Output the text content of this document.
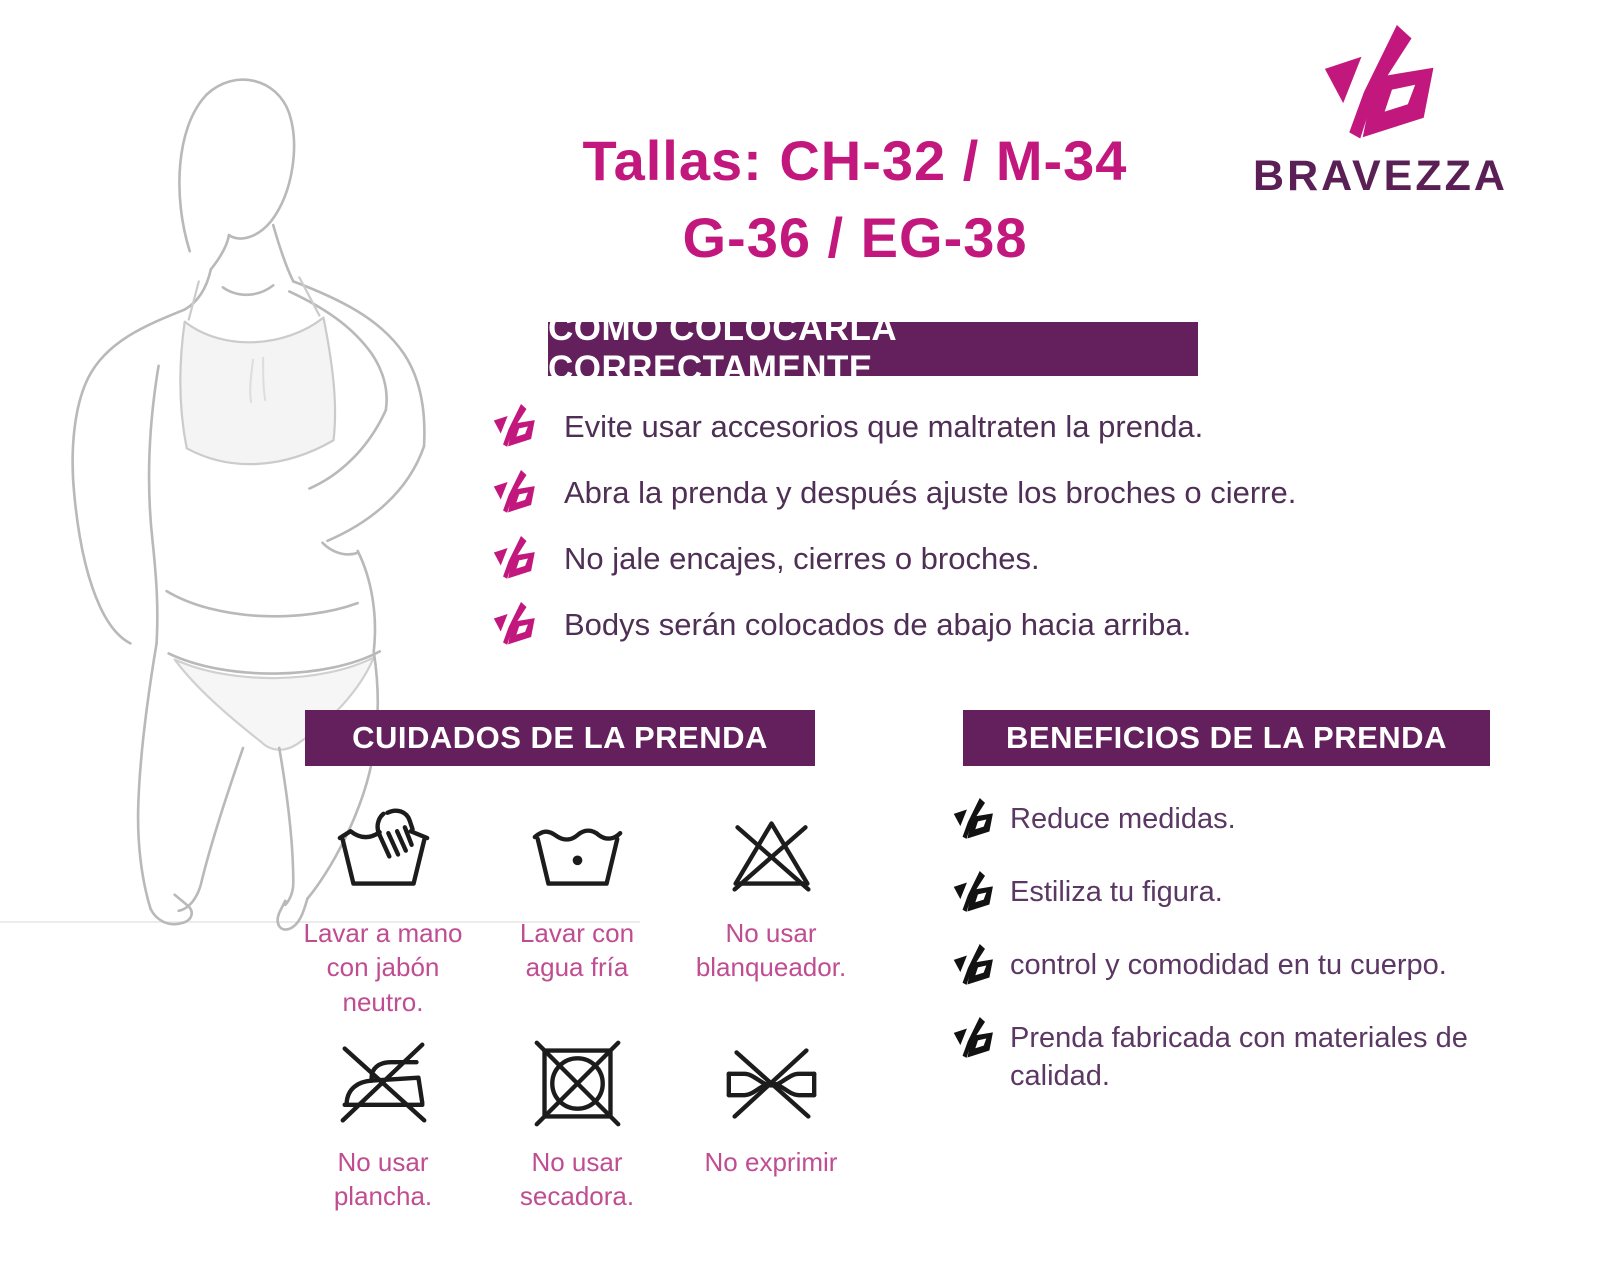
Tallas: CH-32 / M-34
G-36 / EG-38
BRAVEZZA
COMO COLOCARLA CORRECTAMENTE
Evite usar accesorios que maltraten la prenda.
Abra la prenda y después ajuste los broches o cierre.
No jale encajes, cierres o broches.
Bodys serán colocados de abajo hacia arriba.
CUIDADOS DE LA PRENDA	BENEFICIOS DE LA PRENDA
Lavar a mano con jabón neutro.
Lavar con agua fría
No usar blanqueador.
No usar plancha.
No usar secadora.
No exprimir
Reduce medidas.
Estiliza tu figura.
control y comodidad en tu cuerpo.
Prenda fabricada con materiales de calidad.
